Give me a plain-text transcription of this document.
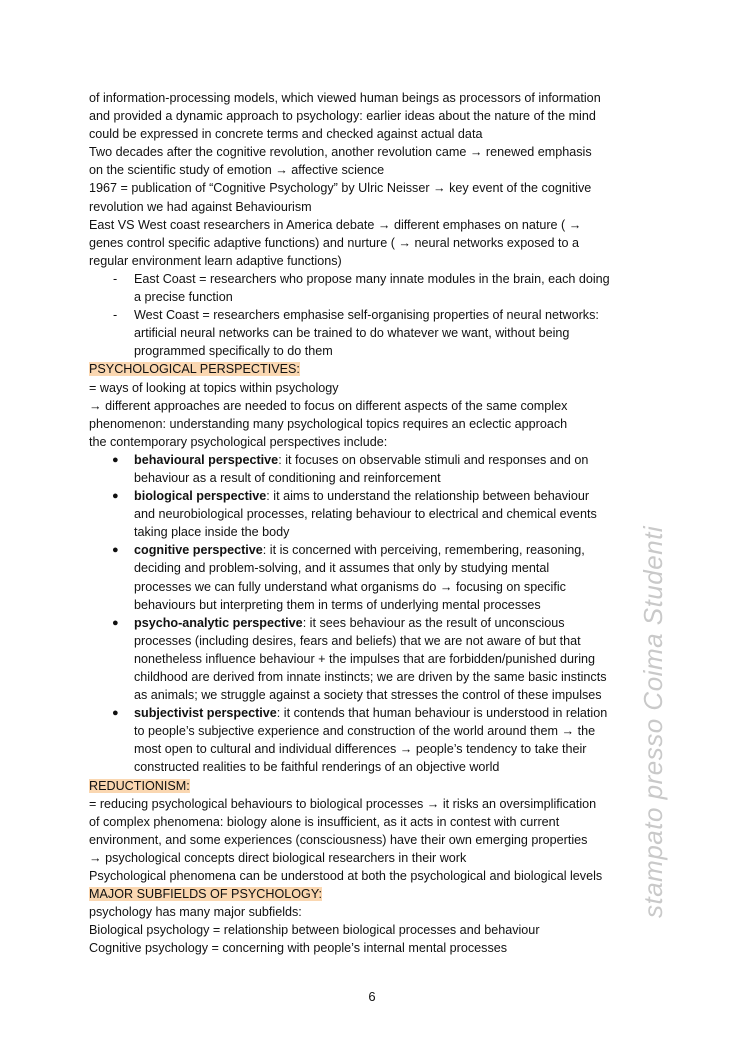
of information-processing models, which viewed human beings as processors of information
and provided a dynamic approach to psychology: earlier ideas about the nature of the mind
could be expressed in concrete terms and checked against actual data
Two decades after the cognitive revolution, another revolution came → renewed emphasis
on the scientific study of emotion → affective science
1967 = publication of “Cognitive Psychology” by Ulric Neisser → key event of the cognitive
revolution we had against Behaviourism
East VS West coast researchers in America debate → different emphases on nature ( →
genes control specific adaptive functions) and nurture ( → neural networks exposed to a
regular environment learn adaptive functions)
- East Coast = researchers who propose many innate modules in the brain, each doing
a precise function
- West Coast = researchers emphasise self-organising properties of neural networks:
artificial neural networks can be trained to do whatever we want, without being
programmed specifically to do them
PSYCHOLOGICAL PERSPECTIVES:
= ways of looking at topics within psychology
→ different approaches are needed to focus on different aspects of the same complex
phenomenon: understanding many psychological topics requires an eclectic approach
the contemporary psychological perspectives include:
● behavioural perspective: it focuses on observable stimuli and responses and on
behaviour as a result of conditioning and reinforcement
● biological perspective: it aims to understand the relationship between behaviour
and neurobiological processes, relating behaviour to electrical and chemical events
taking place inside the body
● cognitive perspective: it is concerned with perceiving, remembering, reasoning,
deciding and problem-solving, and it assumes that only by studying mental
processes we can fully understand what organisms do → focusing on specific
behaviours but interpreting them in terms of underlying mental processes
● psycho-analytic perspective: it sees behaviour as the result of unconscious
processes (including desires, fears and beliefs) that we are not aware of but that
nonetheless influence behaviour + the impulses that are forbidden/punished during
childhood are derived from innate instincts; we are driven by the same basic instincts
as animals; we struggle against a society that stresses the control of these impulses
● subjectivist perspective: it contends that human behaviour is understood in relation
to people’s subjective experience and construction of the world around them → the
most open to cultural and individual differences → people’s tendency to take their
constructed realities to be faithful renderings of an objective world
REDUCTIONISM:
= reducing psychological behaviours to biological processes → it risks an oversimplification
of complex phenomena: biology alone is insufficient, as it acts in contest with current
environment, and some experiences (consciousness) have their own emerging properties
→ psychological concepts direct biological researchers in their work
Psychological phenomena can be understood at both the psychological and biological levels
MAJOR SUBFIELDS OF PSYCHOLOGY:
psychology has many major subfields:
Biological psychology = relationship between biological processes and behaviour
Cognitive psychology = concerning with people’s internal mental processes
6
stampato presso Coima Studenti
